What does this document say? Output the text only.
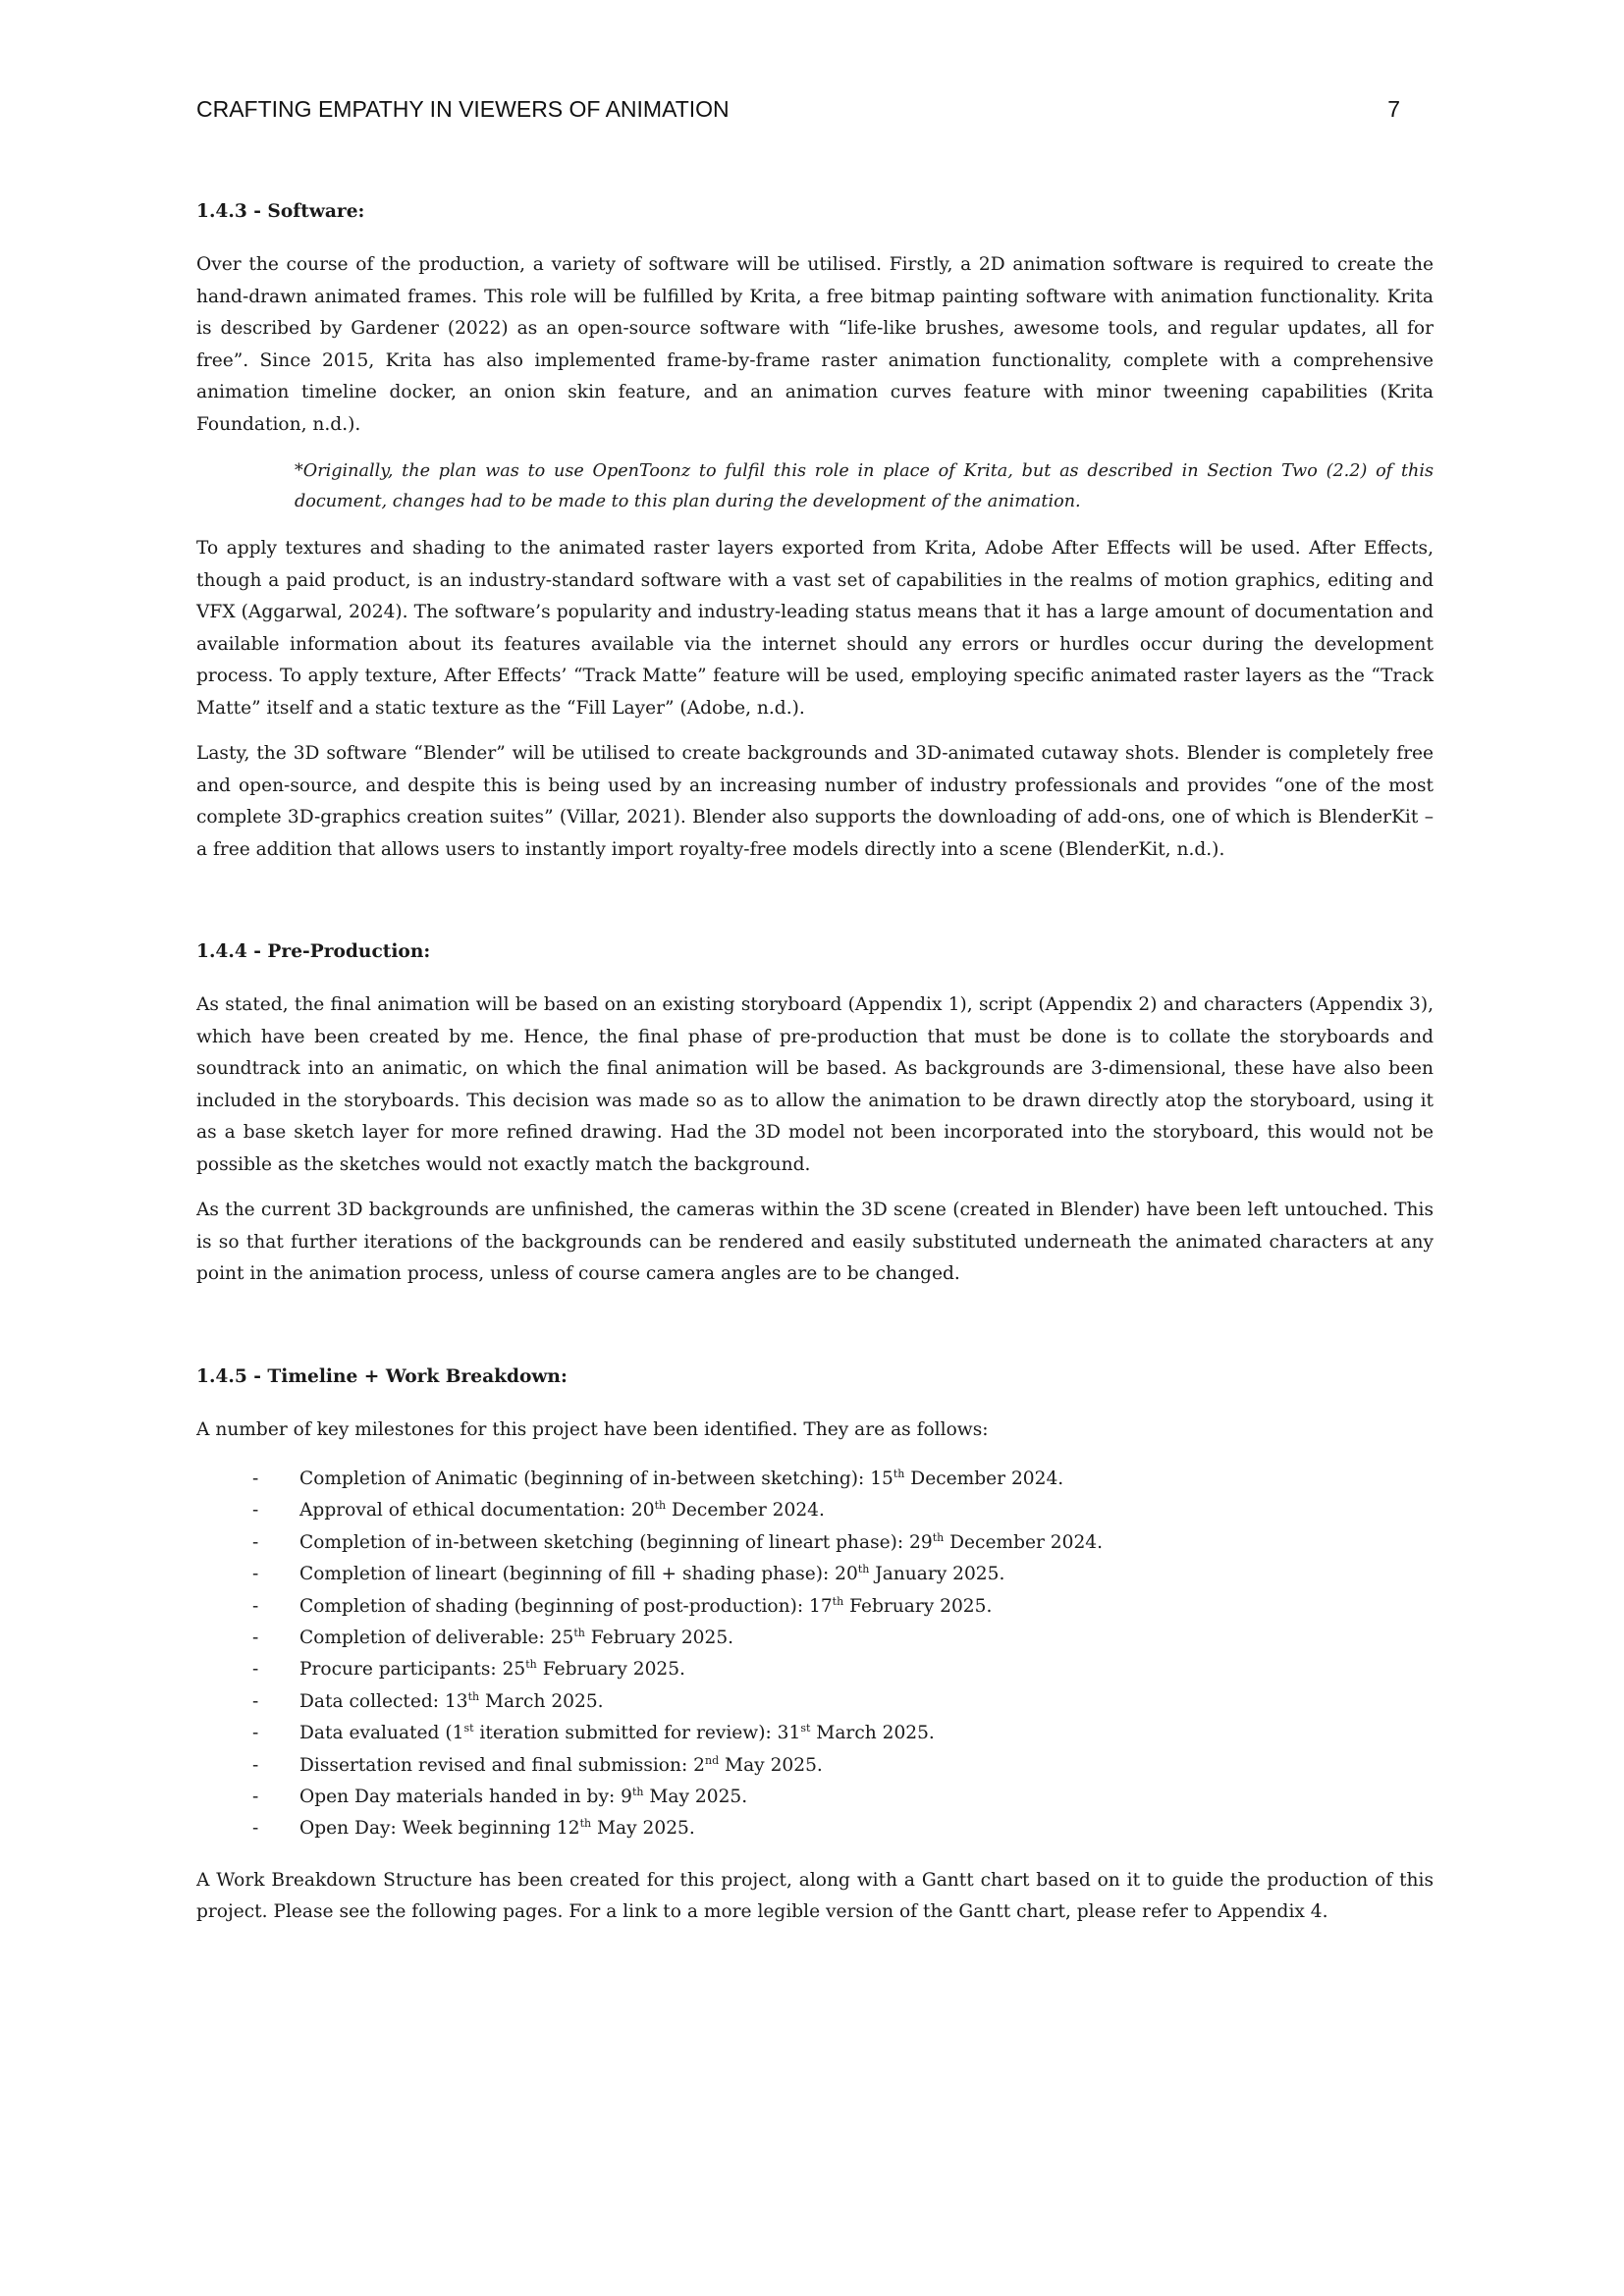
CRAFTING EMPATHY IN VIEWERS OF ANIMATION	7

1.4.3 - Software:

Over the course of the production, a variety of software will be utilised. Firstly, a 2D animation software is required to create the hand-drawn animated frames. This role will be fulfilled by Krita, a free bitmap painting software with animation functionality. Krita is described by Gardener (2022) as an open-source software with “life-like brushes, awesome tools, and regular updates, all for free”. Since 2015, Krita has also implemented frame-by-frame raster animation functionality, complete with a comprehensive animation timeline docker, an onion skin feature, and an animation curves feature with minor tweening capabilities (Krita Foundation, n.d.).

*Originally, the plan was to use OpenToonz to fulfil this role in place of Krita, but as described in Section Two (2.2) of this document, changes had to be made to this plan during the development of the animation.

To apply textures and shading to the animated raster layers exported from Krita, Adobe After Effects will be used. After Effects, though a paid product, is an industry-standard software with a vast set of capabilities in the realms of motion graphics, editing and VFX (Aggarwal, 2024). The software’s popularity and industry-leading status means that it has a large amount of documentation and available information about its features available via the internet should any errors or hurdles occur during the development process. To apply texture, After Effects’ “Track Matte” feature will be used, employing specific animated raster layers as the “Track Matte” itself and a static texture as the “Fill Layer” (Adobe, n.d.).

Lasty, the 3D software “Blender” will be utilised to create backgrounds and 3D-animated cutaway shots. Blender is completely free and open-source, and despite this is being used by an increasing number of industry professionals and provides “one of the most complete 3D-graphics creation suites” (Villar, 2021). Blender also supports the downloading of add-ons, one of which is BlenderKit – a free addition that allows users to instantly import royalty-free models directly into a scene (BlenderKit, n.d.).

1.4.4 - Pre-Production:

As stated, the final animation will be based on an existing storyboard (Appendix 1), script (Appendix 2) and characters (Appendix 3), which have been created by me. Hence, the final phase of pre-production that must be done is to collate the storyboards and soundtrack into an animatic, on which the final animation will be based. As backgrounds are 3-dimensional, these have also been included in the storyboards. This decision was made so as to allow the animation to be drawn directly atop the storyboard, using it as a base sketch layer for more refined drawing. Had the 3D model not been incorporated into the storyboard, this would not be possible as the sketches would not exactly match the background.

As the current 3D backgrounds are unfinished, the cameras within the 3D scene (created in Blender) have been left untouched. This is so that further iterations of the backgrounds can be rendered and easily substituted underneath the animated characters at any point in the animation process, unless of course camera angles are to be changed.

1.4.5 - Timeline + Work Breakdown:

A number of key milestones for this project have been identified. They are as follows:

- Completion of Animatic (beginning of in-between sketching): 15th December 2024.
- Approval of ethical documentation: 20th December 2024.
- Completion of in-between sketching (beginning of lineart phase): 29th December 2024.
- Completion of lineart (beginning of fill + shading phase): 20th January 2025.
- Completion of shading (beginning of post-production): 17th February 2025.
- Completion of deliverable: 25th February 2025.
- Procure participants: 25th February 2025.
- Data collected: 13th March 2025.
- Data evaluated (1st iteration submitted for review): 31st March 2025.
- Dissertation revised and final submission: 2nd May 2025.
- Open Day materials handed in by: 9th May 2025.
- Open Day: Week beginning 12th May 2025.

A Work Breakdown Structure has been created for this project, along with a Gantt chart based on it to guide the production of this project. Please see the following pages. For a link to a more legible version of the Gantt chart, please refer to Appendix 4.
